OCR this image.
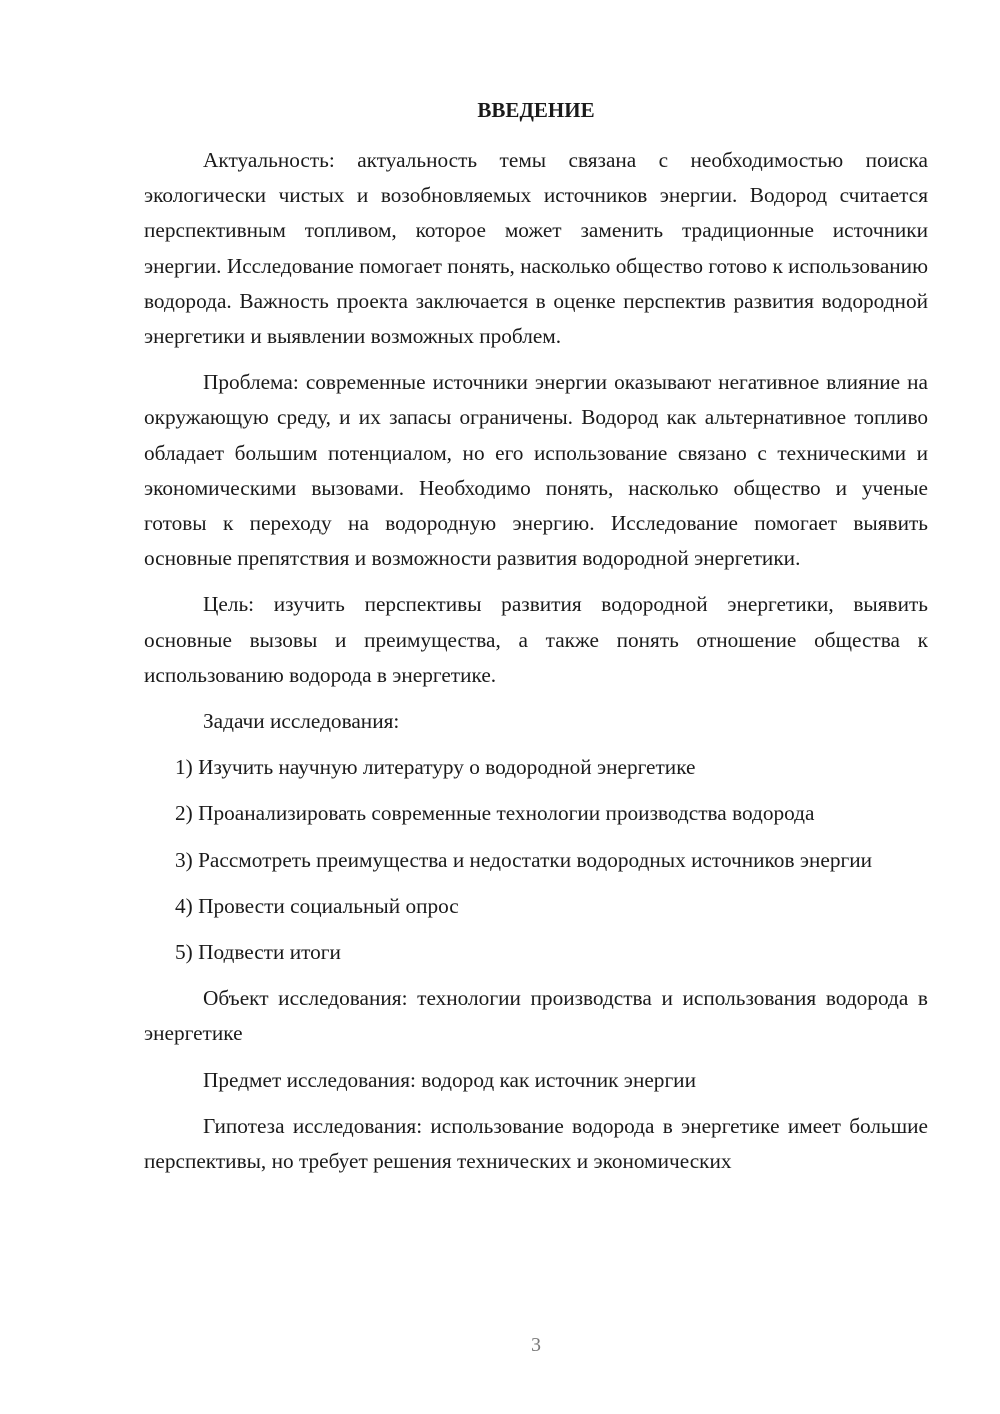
ВВЕДЕНИЕ

Актуальность: актуальность темы связана с необходимостью поиска экологически чистых и возобновляемых источников энергии. Водород считается перспективным топливом, которое может заменить традиционные источники энергии. Исследование помогает понять, насколько общество готово к использованию водорода. Важность проекта заключается в оценке перспектив развития водородной энергетики и выявлении возможных проблем.

Проблема: современные источники энергии оказывают негативное влияние на окружающую среду, и их запасы ограничены. Водород как альтернативное топливо обладает большим потенциалом, но его использование связано с техническими и экономическими вызовами. Необходимо понять, насколько общество и ученые готовы к переходу на водородную энергию. Исследование помогает выявить основные препятствия и возможности развития водородной энергетики.

Цель: изучить перспективы развития водородной энергетики, выявить основные вызовы и преимущества, а также понять отношение общества к использованию водорода в энергетике.

Задачи исследования:

1) Изучить научную литературу о водородной энергетике

2) Проанализировать современные технологии производства водорода

3) Рассмотреть преимущества и недостатки водородных источников энергии

4) Провести социальный опрос

5) Подвести итоги

Объект исследования: технологии производства и использования водорода в энергетике

Предмет исследования: водород как источник энергии

Гипотеза исследования: использование водорода в энергетике имеет большие перспективы, но требует решения технических и экономических

3
